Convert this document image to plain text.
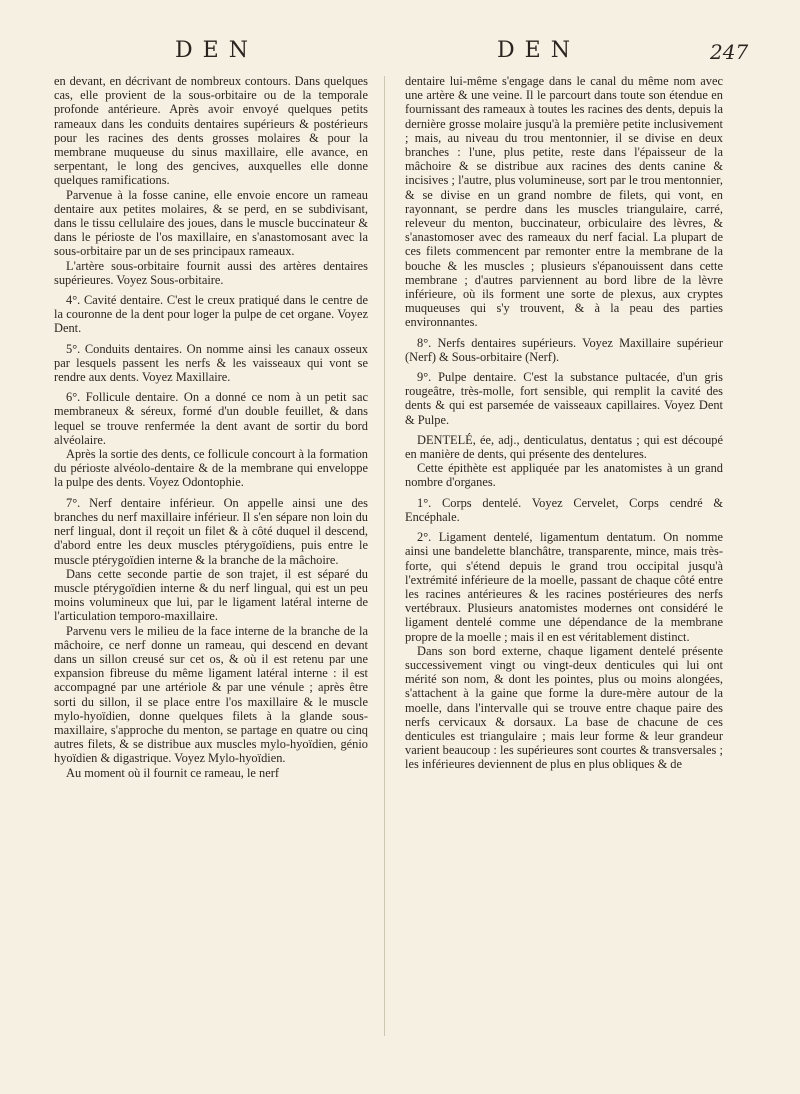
DEN	DEN	247

en devant, en décrivant de nombreux contours. Dans quelques cas, elle provient de la sous-orbitaire ou de la temporale profonde antérieure. Après avoir envoyé quelques petits rameaux dans les conduits dentaires supérieurs & postérieurs pour les racines des dents grosses molaires & pour la membrane muqueuse du sinus maxillaire, elle avance, en serpentant, le long des gencives, auxquelles elle donne quelques ramifications.

Parvenue à la fosse canine, elle envoie encore un rameau dentaire aux petites molaires, & se perd, en se subdivisant, dans le tissu cellulaire des joues, dans le muscle buccinateur & dans le périoste de l'os maxillaire, en s'anastomosant avec la sous-orbitaire par un de ses principaux rameaux.

L'artère sous-orbitaire fournit aussi des artères dentaires supérieures. Voyez Sous-orbitaire.

4°. Cavité dentaire. C'est le creux pratiqué dans le centre de la couronne de la dent pour loger la pulpe de cet organe. Voyez Dent.

5°. Conduits dentaires. On nomme ainsi les canaux osseux par lesquels passent les nerfs & les vaisseaux qui vont se rendre aux dents. Voyez Maxillaire.

6°. Follicule dentaire. On a donné ce nom à un petit sac membraneux & séreux, formé d'un double feuillet, & dans lequel se trouve renfermée la dent avant de sortir du bord alvéolaire.

Après la sortie des dents, ce follicule concourt à la formation du périoste alvéolo-dentaire & de la membrane qui enveloppe la pulpe des dents. Voyez Odontophie.

7°. Nerf dentaire inférieur. On appelle ainsi une des branches du nerf maxillaire inférieur. Il s'en sépare non loin du nerf lingual, dont il reçoit un filet & à côté duquel il descend, d'abord entre les deux muscles ptérygoïdiens, puis entre le muscle ptérygoïdien interne & la branche de la mâchoire.

Dans cette seconde partie de son trajet, il est séparé du muscle ptérygoïdien interne & du nerf lingual, qui est un peu moins volumineux que lui, par le ligament latéral interne de l'articulation temporo-maxillaire.

Parvenu vers le milieu de la face interne de la branche de la mâchoire, ce nerf donne un rameau, qui descend en devant dans un sillon creusé sur cet os, & où il est retenu par une expansion fibreuse du même ligament latéral interne : il est accompagné par une artériole & par une vénule ; après être sorti du sillon, il se place entre l'os maxillaire & le muscle mylo-hyoïdien, donne quelques filets à la glande sous-maxillaire, s'approche du menton, se partage en quatre ou cinq autres filets, & se distribue aux muscles mylo-hyoïdien, génio hyoïdien & digastrique. Voyez Mylo-hyoïdien.

Au moment où il fournit ce rameau, le nerf

dentaire lui-même s'engage dans le canal du même nom avec une artère & une veine. Il le parcourt dans toute son étendue en fournissant des rameaux à toutes les racines des dents, depuis la dernière grosse molaire jusqu'à la première petite inclusivement ; mais, au niveau du trou mentonnier, il se divise en deux branches : l'une, plus petite, reste dans l'épaisseur de la mâchoire & se distribue aux racines des dents canine & incisives ; l'autre, plus volumineuse, sort par le trou mentonnier, & se divise en un grand nombre de filets, qui vont, en rayonnant, se perdre dans les muscles triangulaire, carré, releveur du menton, buccinateur, orbiculaire des lèvres, & s'anastomoser avec des rameaux du nerf facial. La plupart de ces filets commencent par remonter entre la membrane de la bouche & les muscles ; plusieurs s'épanouissent dans cette membrane ; d'autres parviennent au bord libre de la lèvre inférieure, où ils forment une sorte de plexus, aux cryptes muqueuses qui s'y trouvent, & à la peau des parties environnantes.

8°. Nerfs dentaires supérieurs. Voyez Maxillaire supérieur (Nerf) & Sous-orbitaire (Nerf).

9°. Pulpe dentaire. C'est la substance pultacée, d'un gris rougeâtre, très-molle, fort sensible, qui remplit la cavité des dents & qui est parsemée de vaisseaux capillaires. Voyez Dent & Pulpe.

DENTELÉ, ée, adj., denticulatus, dentatus ; qui est découpé en manière de dents, qui présente des dentelures.

Cette épithète est appliquée par les anatomistes à un grand nombre d'organes.

1°. Corps dentelé. Voyez Cervelet, Corps cendré & Encéphale.

2°. Ligament dentelé, ligamentum dentatum. On nomme ainsi une bandelette blanchâtre, transparente, mince, mais très-forte, qui s'étend depuis le grand trou occipital jusqu'à l'extrémité inférieure de la moelle, passant de chaque côté entre les racines antérieures & les racines postérieures des nerfs vertébraux. Plusieurs anatomistes modernes ont considéré le ligament dentelé comme une dépendance de la membrane propre de la moelle ; mais il en est véritablement distinct.

Dans son bord externe, chaque ligament dentelé présente successivement vingt ou vingt-deux denticules qui lui ont mérité son nom, & dont les pointes, plus ou moins alongées, s'attachent à la gaine que forme la dure-mère autour de la moelle, dans l'intervalle qui se trouve entre chaque paire des nerfs cervicaux & dorsaux. La base de chacune de ces denticules est triangulaire ; mais leur forme & leur grandeur varient beaucoup : les supérieures sont courtes & transversales ; les inférieures deviennent de plus en plus obliques & de
